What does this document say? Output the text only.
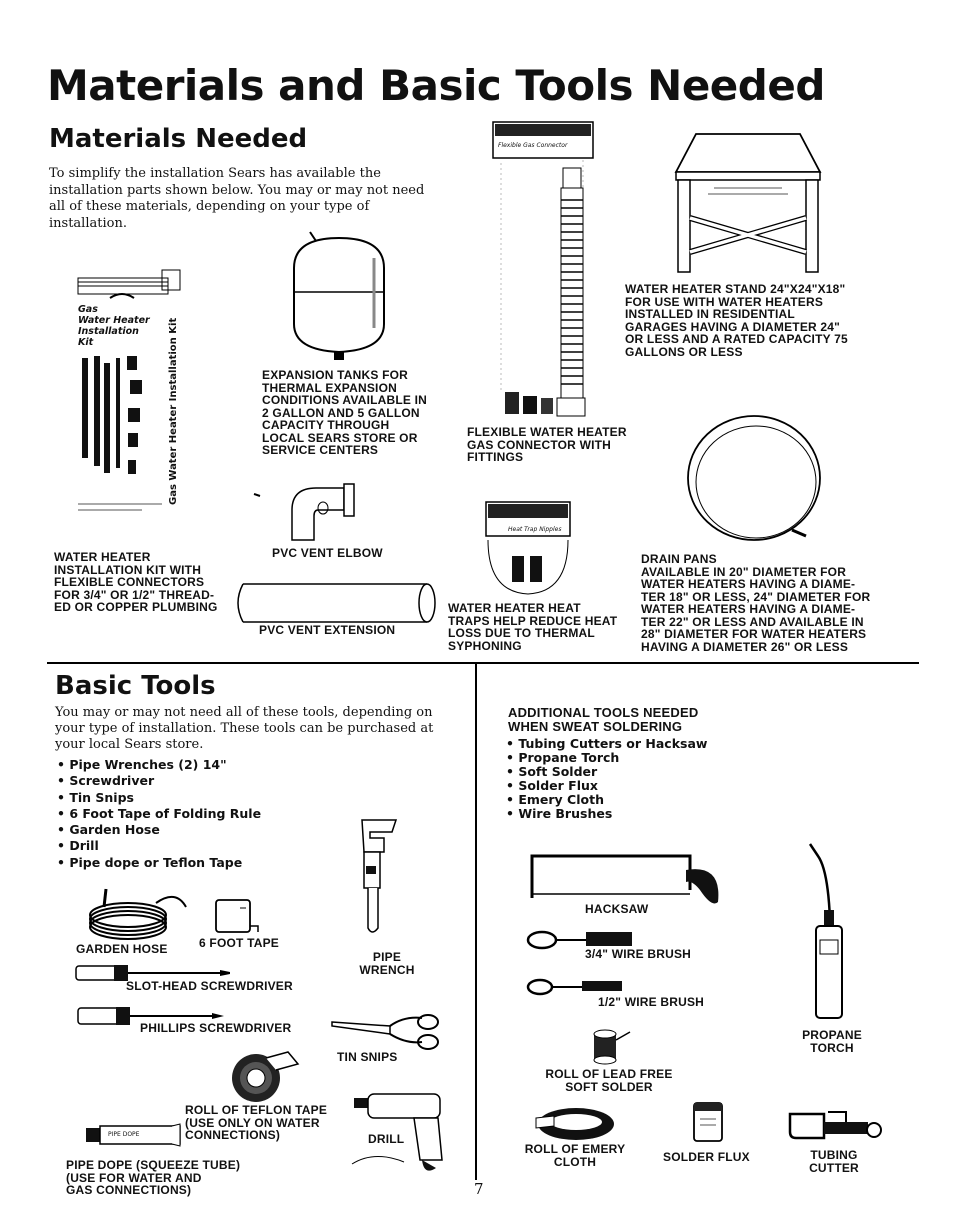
Materials and Basic Tools Needed
Materials Needed

To simplify the installation Sears has available the installation parts shown below. You may or may not need all of these materials, depending on your type of installation.

Gas
Water Heater
Installation
Kit	Gas Water Heater Installation Kit
WATER HEATER
INSTALLATION KIT WITH
FLEXIBLE CONNECTORS
FOR 3/4" OR 1/2" THREAD-
ED OR COPPER PLUMBING
EXPANSION TANKS FOR
THERMAL EXPANSION
CONDITIONS AVAILABLE IN
2 GALLON AND 5 GALLON
CAPACITY THROUGH
LOCAL SEARS STORE OR
SERVICE CENTERS
Flexible Gas Connector
FLEXIBLE WATER HEATER
GAS CONNECTOR WITH
FITTINGS
WATER HEATER STAND 24"X24"X18"
FOR USE WITH WATER HEATERS
INSTALLED IN RESIDENTIAL
GARAGES HAVING A DIAMETER 24"
OR LESS AND A RATED CAPACITY 75
GALLONS OR LESS
PVC VENT ELBOW
PVC VENT EXTENSION
Heat Trap Nipples
WATER HEATER HEAT
TRAPS HELP REDUCE HEAT
LOSS DUE TO THERMAL
SYPHONING
DRAIN PANS
AVAILABLE IN 20" DIAMETER FOR
WATER HEATERS HAVING A DIAME-
TER 18" OR LESS, 24" DIAMETER FOR
WATER HEATERS HAVING A DIAME-
TER 22" OR LESS AND AVAILABLE IN
28" DIAMETER FOR WATER HEATERS
HAVING A DIAMETER 26" OR LESS
Basic Tools

You may or may not need all of these tools, depending on your type of installation. These tools can be purchased at your local Sears store.

• Pipe Wrenches (2) 14"
• Screwdriver
• Tin Snips
• 6 Foot Tape of Folding Rule
• Garden Hose
• Drill
• Pipe dope or Teflon Tape
GARDEN HOSE	6 FOOT TAPE
PIPE
WRENCH
SLOT-HEAD SCREWDRIVER
PHILLIPS SCREWDRIVER
TIN SNIPS
ROLL OF TEFLON TAPE
(USE ONLY ON WATER
CONNECTIONS)	DRILL
PIPE DOPE
PIPE DOPE (SQUEEZE TUBE)
(USE FOR WATER AND
GAS CONNECTIONS)
ADDITIONAL TOOLS NEEDED
WHEN SWEAT SOLDERING
• Tubing Cutters or Hacksaw
• Propane Torch
• Soft Solder
• Solder Flux
• Emery Cloth
• Wire Brushes
HACKSAW
3/4" WIRE BRUSH
1/2" WIRE BRUSH
PROPANE
TORCH
ROLL OF LEAD FREE
SOFT SOLDER
ROLL OF EMERY
CLOTH	SOLDER FLUX	TUBING
CUTTER
7
